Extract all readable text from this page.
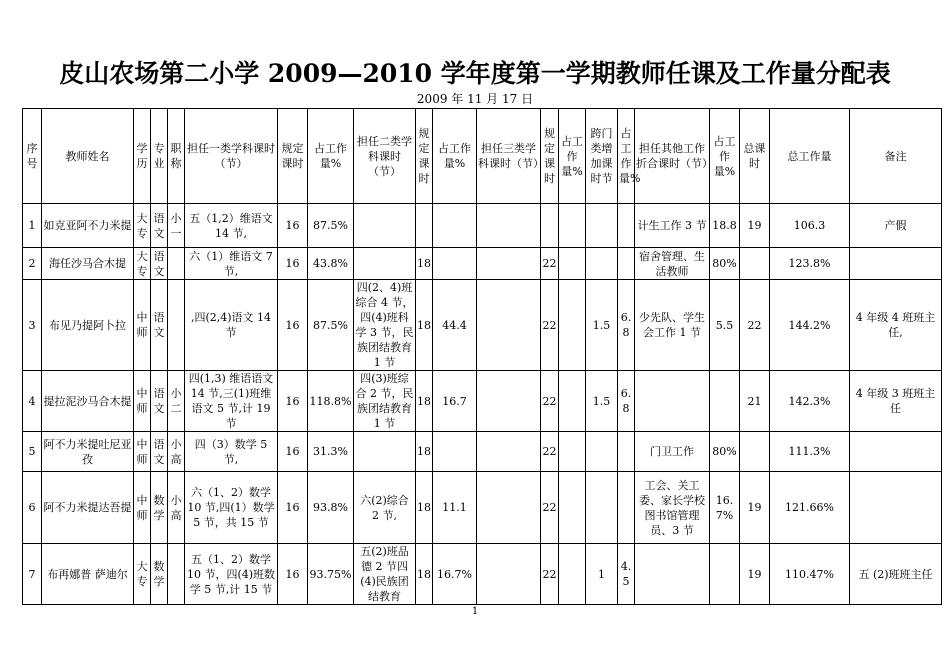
皮山农场第二小学 2009—2010 学年度第一学期教师任课及工作量分配表
2009 年 11 月 17 日
序号	教师姓名	学历	专业	职称	担任一类学科课时（节）	规定课时	占工作量%	担任二类学科课时（节）	规定课时	占工作量%	担任三类学科课时（节）	规定课时	占工作量%	跨门类增加课时节	占工作量%	担任其他工作折合课时（节）	占工作量%	总课时	总工作量	备注
1	如克亚阿不力米提	大专	语文	小一	五（1,2）维语文 14 节,	16	87.5%									计生工作 3 节	18.8	19	106.3	产假
2	海任沙马合木提	大专	语文		六（1）维语文 7 节,	16	43.8%		18			22				宿舍管理、生活教师	80%		123.8%	
3	布见乃提阿卜拉	中师	语文		,四(2,4)语文 14 节	16	87.5%	四(2、4)班综合 4 节，四(4)班科学 3 节，民族团结教育 1 节	18	44.4		22		1.5	6.8	少先队、学生会工作 1 节	5.5	22	144.2%	4 年级 4 班班主任,
4	提拉泥沙马合木提	中师	语文	小二	四(1,3) 维语语文 14 节,三(1)班维语文 5 节,计 19 节	16	118.8%	四(3)班综合 2 节，民族团结教育 1 节	18	16.7		22		1.5	6.8			21	142.3%	4 年级 3 班班主任
5	阿不力米提吐尼亚孜	中师	语文	小高	四（3）数学 5 节,	16	31.3%		18			22				门卫工作	80%		111.3%	
6	阿不力米提达吾提	中师	数学	小高	六（1、2）数学 10 节,四(1）数学 5 节，共 15 节	16	93.8%	六(2)综合 2 节,	18	11.1		22				工会、关工委、家长学校图书馆管理员、3 节	16.7%	19	121.66%	
7	布再娜普 萨迪尔	大专	数学		五（1、2）数学 10 节，四(4)班数学 5 节,计 15 节	16	93.75%	五(2)班品德 2 节四(4)民族团结教育	18	16.7%		22		1	4.5			19	110.47%	五 (2)班班主任
1
